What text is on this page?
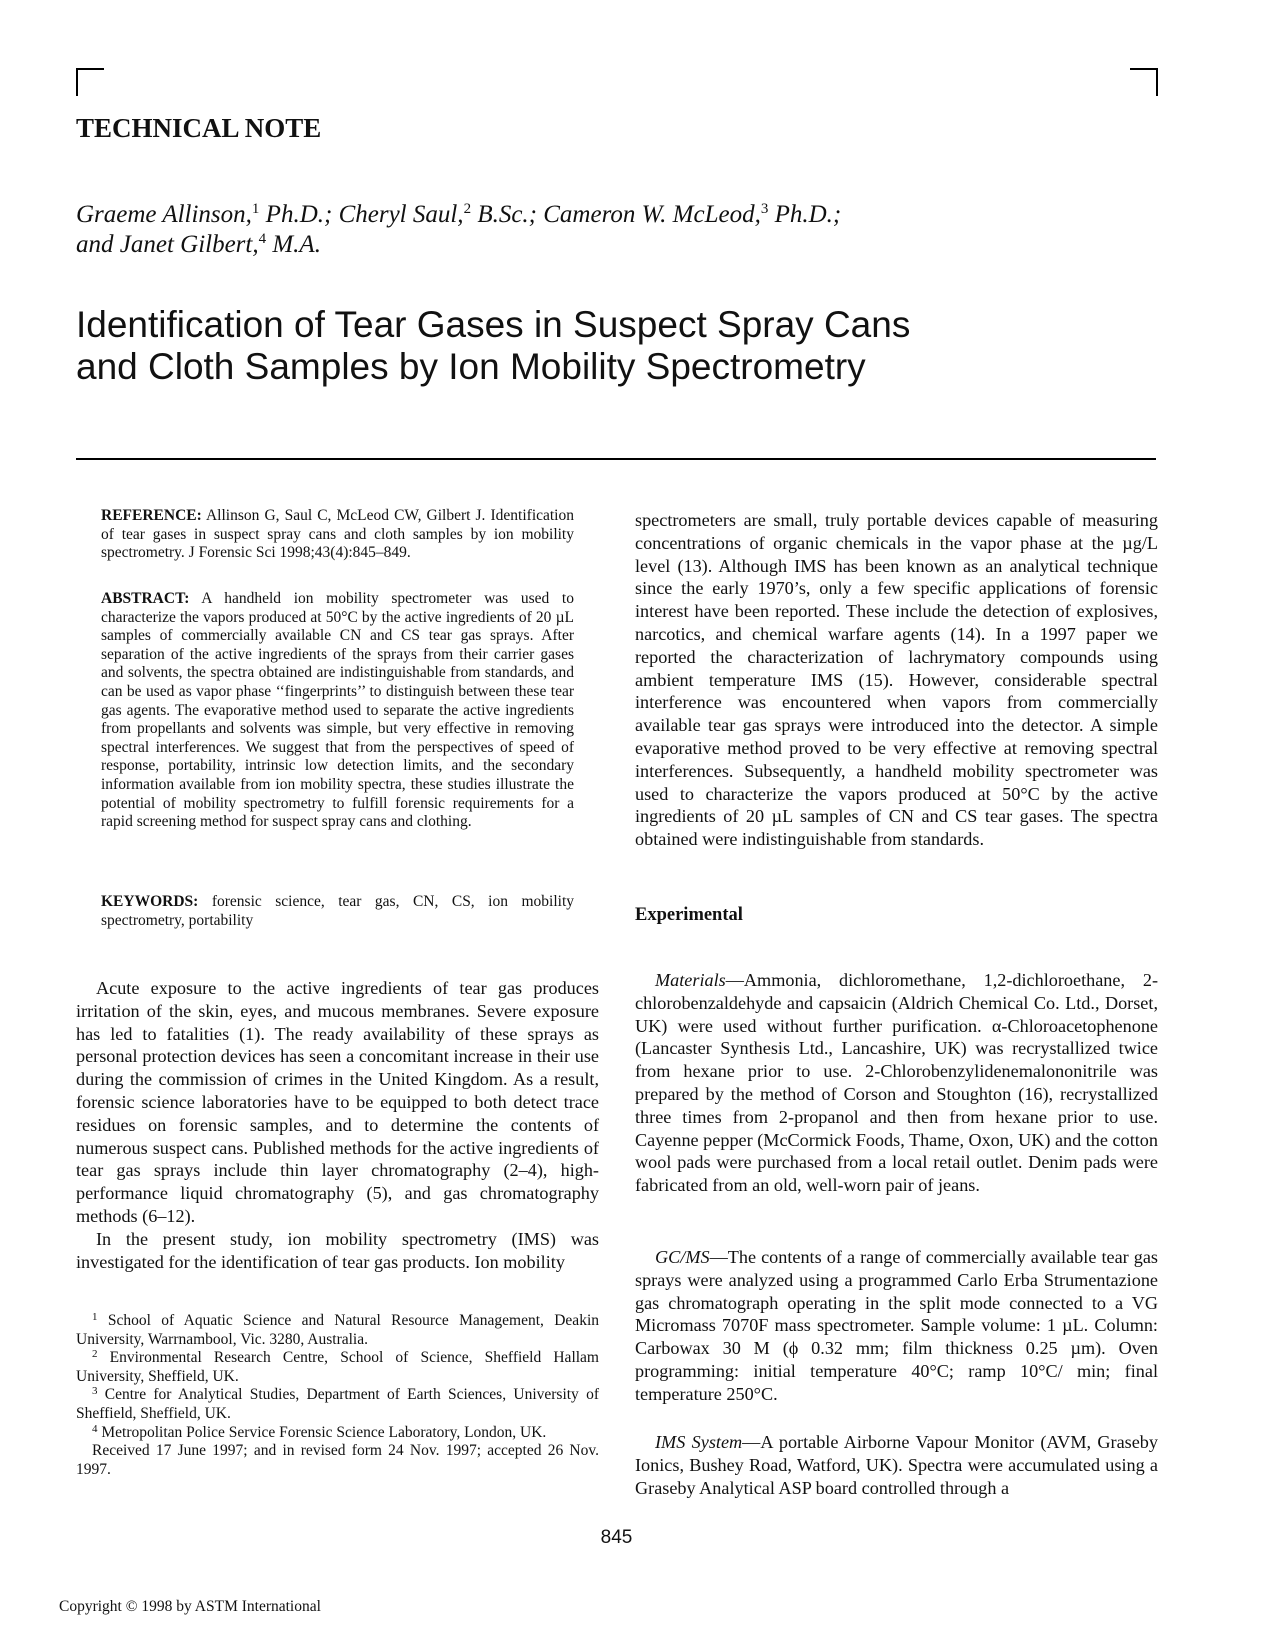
TECHNICAL NOTE
Graeme Allinson,$^1$ Ph.D.; Cheryl Saul,$^2$ B.Sc.; Cameron W. McLeod,$^3$ Ph.D.;
and Janet Gilbert,$^4$ M.A.
Identification of Tear Gases in Suspect Spray Cans
and Cloth Samples by Ion Mobility Spectrometry

REFERENCE: Allinson G, Saul C, McLeod CW, Gilbert J. Identification of tear gases in suspect spray cans and cloth samples by ion mobility spectrometry. J Forensic Sci 1998;43(4):845–849.

ABSTRACT: A handheld ion mobility spectrometer was used to characterize the vapors produced at 50°C by the active ingredients of 20 µL samples of commercially available CN and CS tear gas sprays. After separation of the active ingredients of the sprays from their carrier gases and solvents, the spectra obtained are indistinguishable from standards, and can be used as vapor phase ‘‘fingerprints’’ to distinguish between these tear gas agents. The evaporative method used to separate the active ingredients from propellants and solvents was simple, but very effective in removing spectral interferences. We suggest that from the perspectives of speed of response, portability, intrinsic low detection limits, and the secondary information available from ion mobility spectra, these studies illustrate the potential of mobility spectrometry to fulfill forensic requirements for a rapid screening method for suspect spray cans and clothing.

KEYWORDS: forensic science, tear gas, CN, CS, ion mobility spectrometry, portability

Acute exposure to the active ingredients of tear gas produces irritation of the skin, eyes, and mucous membranes. Severe exposure has led to fatalities (1). The ready availability of these sprays as personal protection devices has seen a concomitant increase in their use during the commission of crimes in the United Kingdom. As a result, forensic science laboratories have to be equipped to both detect trace residues on forensic samples, and to determine the contents of numerous suspect cans. Published methods for the active ingredients of tear gas sprays include thin layer chromatography (2–4), high-performance liquid chromatography (5), and gas chromatography methods (6–12).

In the present study, ion mobility spectrometry (IMS) was investigated for the identification of tear gas products. Ion mobility

spectrometers are small, truly portable devices capable of measuring concentrations of organic chemicals in the vapor phase at the µg/L level (13). Although IMS has been known as an analytical technique since the early 1970’s, only a few specific applications of forensic interest have been reported. These include the detection of explosives, narcotics, and chemical warfare agents (14). In a 1997 paper we reported the characterization of lachrymatory compounds using ambient temperature IMS (15). However, considerable spectral interference was encountered when vapors from commercially available tear gas sprays were introduced into the detector. A simple evaporative method proved to be very effective at removing spectral interferences. Subsequently, a handheld mobility spectrometer was used to characterize the vapors produced at 50°C by the active ingredients of 20 µL samples of CN and CS tear gases. The spectra obtained were indistinguishable from standards.

Experimental

Materials—Ammonia, dichloromethane, 1,2-dichloroethane, 2-chlorobenzaldehyde and capsaicin (Aldrich Chemical Co. Ltd., Dorset, UK) were used without further purification. α-Chloroacetophenone (Lancaster Synthesis Ltd., Lancashire, UK) was recrystallized twice from hexane prior to use. 2-Chlorobenzylidenemalononitrile was prepared by the method of Corson and Stoughton (16), recrystallized three times from 2-propanol and then from hexane prior to use. Cayenne pepper (McCormick Foods, Thame, Oxon, UK) and the cotton wool pads were purchased from a local retail outlet. Denim pads were fabricated from an old, well-worn pair of jeans.

GC/MS—The contents of a range of commercially available tear gas sprays were analyzed using a programmed Carlo Erba Strumentazione gas chromatograph operating in the split mode connected to a VG Micromass 7070F mass spectrometer. Sample volume: 1 µL. Column: Carbowax 30 M (ϕ 0.32 mm; film thickness 0.25 µm). Oven programming: initial temperature 40°C; ramp 10°C/ min; final temperature 250°C.

IMS System—A portable Airborne Vapour Monitor (AVM, Graseby Ionics, Bushey Road, Watford, UK). Spectra were accumulated using a Graseby Analytical ASP board controlled through a

$^1$ School of Aquatic Science and Natural Resource Management, Deakin University, Warrnambool, Vic. 3280, Australia.

$^2$ Environmental Research Centre, School of Science, Sheffield Hallam University, Sheffield, UK.

$^3$ Centre for Analytical Studies, Department of Earth Sciences, University of Sheffield, Sheffield, UK.

$^4$ Metropolitan Police Service Forensic Science Laboratory, London, UK.

Received 17 June 1997; and in revised form 24 Nov. 1997; accepted 26 Nov. 1997.

845
Copyright © 1998 by ASTM International
